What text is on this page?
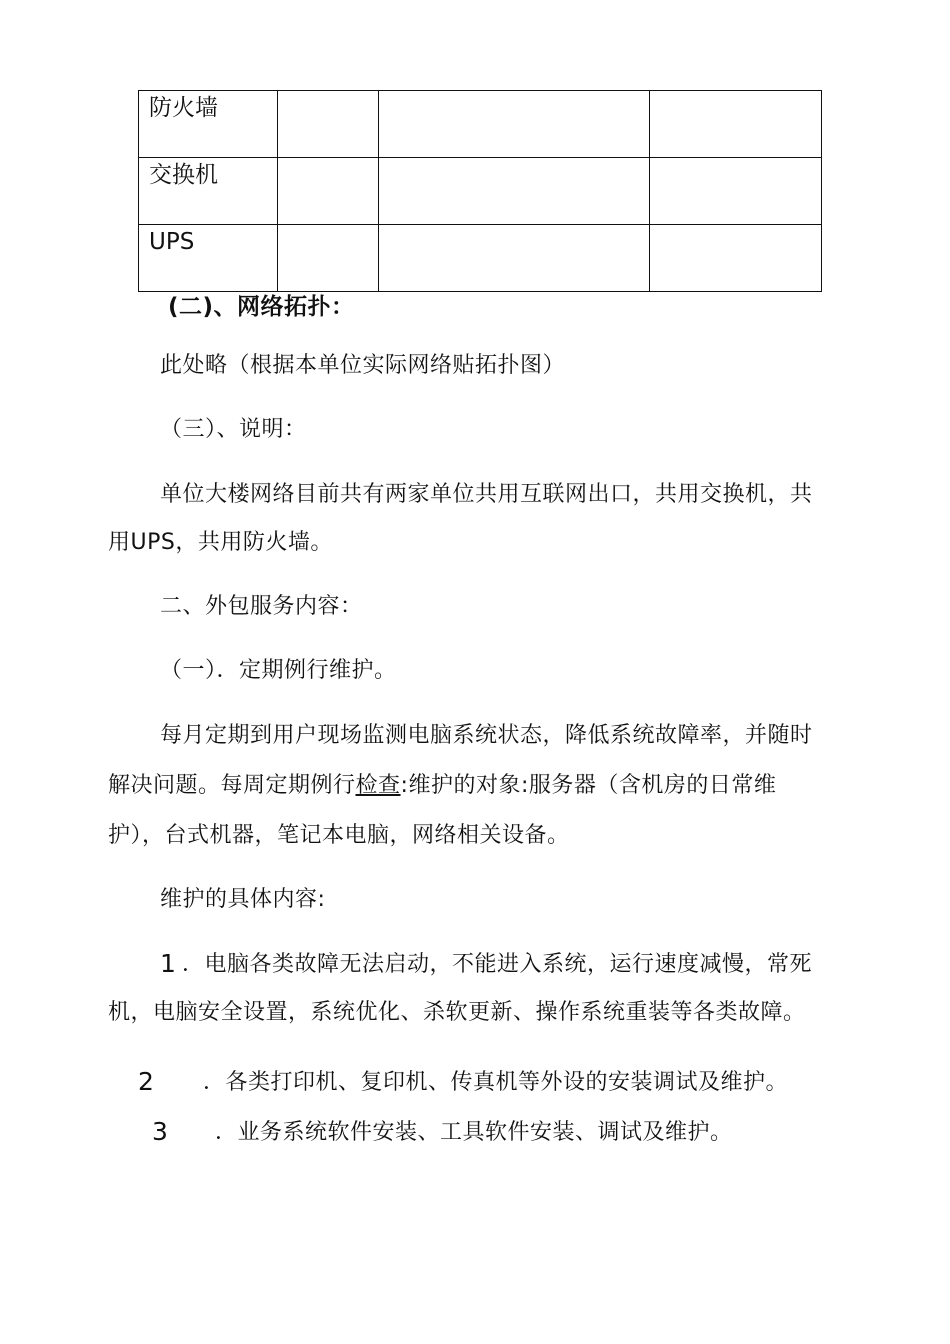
防火墙			
交换机			
UPS			
(二)、网络拓扑：
此处略（根据本单位实际网络贴拓扑图）
（三）、说明：
单位大楼网络目前共有两家单位共用互联网出口，共用交换机，共
用UPS，共用防火墙。
二、外包服务内容：
（一）．定期例行维护。
每月定期到用户现场监测电脑系统状态，降低系统故障率，并随时
解决问题。每周定期例行检查:维护的对象:服务器（含机房的日常维
护），台式机器，笔记本电脑，网络相关设备。
维护的具体内容:
1 ．电脑各类故障无法启动，不能进入系统，运行速度减慢，常死
机，电脑安全设置，系统优化、杀软更新、操作系统重装等各类故障。
2 ．各类打印机、复印机、传真机等外设的安装调试及维护。
3 ．业务系统软件安装、工具软件安装、调试及维护。
